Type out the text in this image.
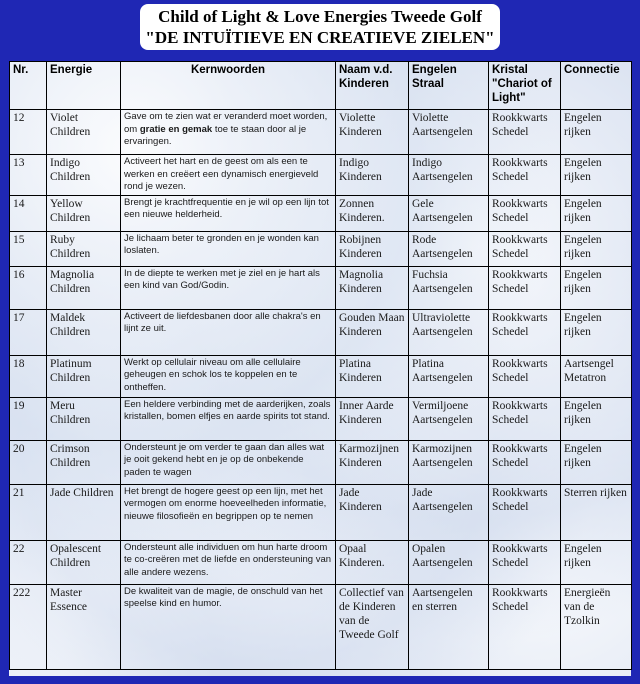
Child of Light & Love Energies Tweede Golf
"DE INTUÏTIEVE EN CREATIEVE ZIELEN"
Nr.	Energie	Kernwoorden	Naam v.d. Kinderen	Engelen Straal	Kristal "Chariot of Light"	Connectie
12	Violet Children	Gave om te zien wat er veranderd moet worden, om gratie en gemak toe te staan door al je ervaringen.	Violette Kinderen	Violette Aartsengelen	Rookkwarts Schedel	Engelen rijken
13	Indigo Children	Activeert het hart en de geest om als een te werken en creëert een dynamisch energieveld rond je wezen.	Indigo Kinderen	Indigo Aartsengelen	Rookkwarts Schedel	Engelen rijken
14	Yellow Children	Brengt je krachtfrequentie en je wil op een lijn tot een nieuwe helderheid.	Zonnen Kinderen.	Gele Aartsengelen	Rookkwarts Schedel	Engelen rijken
15	Ruby Children	Je lichaam beter te gronden en je wonden kan loslaten.	Robijnen Kinderen	Rode Aartsengelen	Rookkwarts Schedel	Engelen rijken
16	Magnolia Children	In de diepte te werken met je ziel en je hart als een kind van God/Godin.	Magnolia Kinderen	Fuchsia Aartsengelen	Rookkwarts Schedel	Engelen rijken
17	Maldek Children	Activeert de liefdesbanen door alle chakra's en lijnt ze uit.	Gouden Maan Kinderen	Ultraviolette Aartsengelen	Rookkwarts Schedel	Engelen rijken
18	Platinum Children	Werkt op cellulair niveau om alle cellulaire geheugen en schok los te koppelen en te ontheffen.	Platina Kinderen	Platina Aartsengelen	Rookkwarts Schedel	Aartsengel Metatron
19	Meru Children	Een heldere verbinding met de aarderijken, zoals kristallen, bomen elfjes en aarde spirits tot stand.	Inner Aarde Kinderen	Vermiljoene Aartsengelen	Rookkwarts Schedel	Engelen rijken
20	Crimson Children	Ondersteunt je om verder te gaan dan alles wat je ooit gekend hebt en je op de onbekende paden te wagen	Karmozijnen Kinderen	Karmozijnen Aartsengelen	Rookkwarts Schedel	Engelen rijken
21	Jade Children	Het brengt de hogere geest op een lijn, met het vermogen om enorme hoeveelheden informatie, nieuwe filosofieën en begrippen op te nemen	Jade Kinderen	Jade Aartsengelen	Rookkwarts Schedel	Sterren rijken
22	Opalescent Children	Ondersteunt alle individuen om hun harte droom te co-creëren met de liefde en ondersteuning van alle andere wezens.	Opaal Kinderen.	Opalen Aartsengelen	Rookkwarts Schedel	Engelen rijken
222	Master Essence	De kwaliteit van de magie, de onschuld van het speelse kind en humor.	Collectief van de Kinderen van de Tweede Golf	Aartsengelen en sterren	Rookkwarts Schedel	Energieën van de Tzolkin
